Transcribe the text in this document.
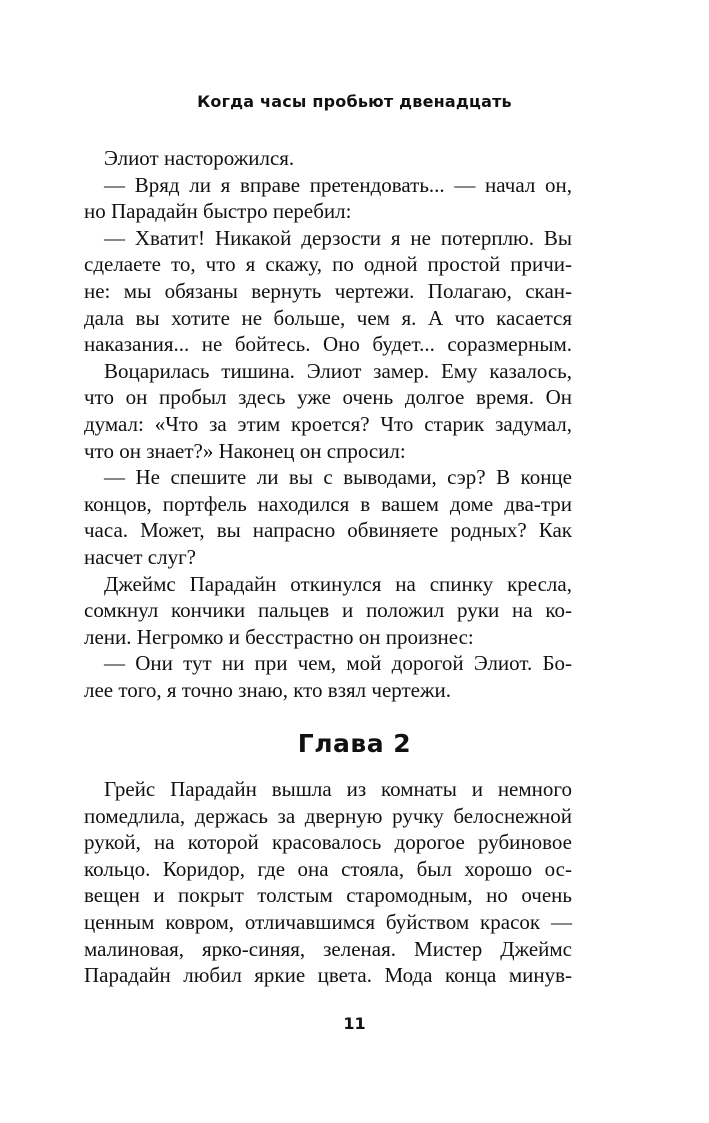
Когда часы пробьют двенадцать
Элиот насторожился.
— Вряд ли я вправе претендовать... — начал он,
но Парадайн быстро перебил:
— Хватит! Никакой дерзости я не потерплю. Вы
сделаете то, что я скажу, по одной простой причи-
не: мы обязаны вернуть чертежи. Полагаю, скан-
дала вы хотите не больше, чем я. А что касается
наказания... не бойтесь. Оно будет... соразмерным.
Воцарилась тишина. Элиот замер. Ему казалось,
что он пробыл здесь уже очень долгое время. Он
думал: «Что за этим кроется? Что старик задумал,
что он знает?» Наконец он спросил:
— Не спешите ли вы с выводами, сэр? В конце
концов, портфель находился в вашем доме два-три
часа. Может, вы напрасно обвиняете родных? Как
насчет слуг?
Джеймс Парадайн откинулся на спинку кресла,
сомкнул кончики пальцев и положил руки на ко-
лени. Негромко и бесстрастно он произнес:
— Они тут ни при чем, мой дорогой Элиот. Бо-
лее того, я точно знаю, кто взял чертежи.
Глава 2
Грейс Парадайн вышла из комнаты и немного
помедлила, держась за дверную ручку белоснежной
рукой, на которой красовалось дорогое рубиновое
кольцо. Коридор, где она стояла, был хорошо ос-
вещен и покрыт толстым старомодным, но очень
ценным ковром, отличавшимся буйством красок —
малиновая, ярко-синяя, зеленая. Мистер Джеймс
Парадайн любил яркие цвета. Мода конца минув-
11
